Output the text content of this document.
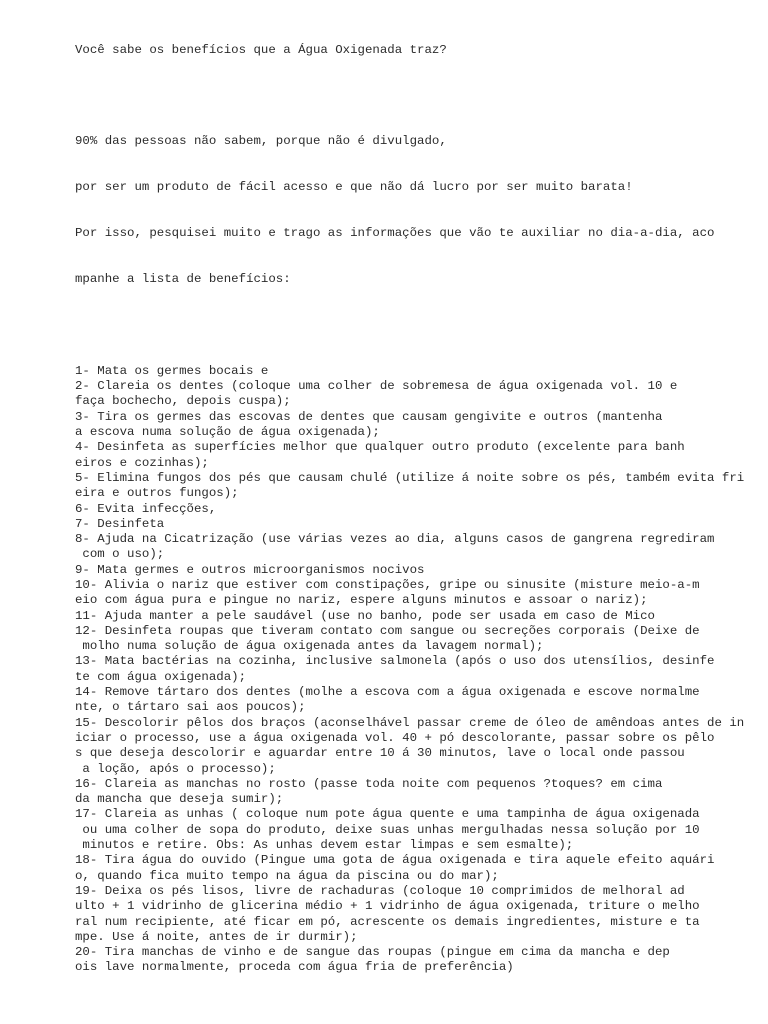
Você sabe os benefícios que a Água Oxigenada traz?

90% das pessoas não sabem, porque não é divulgado,

por ser um produto de fácil acesso e que não dá lucro por ser muito barata!

Por isso, pesquisei muito e trago as informações que vão te auxiliar no dia-a-dia, aco

mpanhe a lista de benefícios:

1- Mata os germes bocais e
2- Clareia os dentes (coloque uma colher de sobremesa de água oxigenada vol. 10 e
faça bochecho, depois cuspa);
3- Tira os germes das escovas de dentes que causam gengivite e outros (mantenha
a escova numa solução de água oxigenada);
4- Desinfeta as superfícies melhor que qualquer outro produto (excelente para banh
eiros e cozinhas);
5- Elimina fungos dos pés que causam chulé (utilize á noite sobre os pés, também evita fri
eira e outros fungos);
6- Evita infecções,
7- Desinfeta
8- Ajuda na Cicatrização (use várias vezes ao dia, alguns casos de gangrena regrediram
com o uso);
9- Mata germes e outros microorganismos nocivos
10- Alivia o nariz que estiver com constipações, gripe ou sinusite (misture meio-a-m
eio com água pura e pingue no nariz, espere alguns minutos e assoar o nariz);
11- Ajuda manter a pele saudável (use no banho, pode ser usada em caso de Mico
12- Desinfeta roupas que tiveram contato com sangue ou secreções corporais (Deixe de
molho numa solução de água oxigenada antes da lavagem normal);
13- Mata bactérias na cozinha, inclusive salmonela (após o uso dos utensílios, desinfe
te com água oxigenada);
14- Remove tártaro dos dentes (molhe a escova com a água oxigenada e escove normalme
nte, o tártaro sai aos poucos);
15- Descolorir pêlos dos braços (aconselhável passar creme de óleo de amêndoas antes de in
iciar o processo, use a água oxigenada vol. 40 + pó descolorante, passar sobre os pêlo
s que deseja descolorir e aguardar entre 10 á 30 minutos, lave o local onde passou
a loção, após o processo);
16- Clareia as manchas no rosto (passe toda noite com pequenos ?toques? em cima
da mancha que deseja sumir);
17- Clareia as unhas ( coloque num pote água quente e uma tampinha de água oxigenada
ou uma colher de sopa do produto, deixe suas unhas mergulhadas nessa solução por 10
minutos e retire. Obs: As unhas devem estar limpas e sem esmalte);
18- Tira água do ouvido (Pingue uma gota de água oxigenada e tira aquele efeito aquári
o, quando fica muito tempo na água da piscina ou do mar);
19- Deixa os pés lisos, livre de rachaduras (coloque 10 comprimidos de melhoral ad
ulto + 1 vidrinho de glicerina médio + 1 vidrinho de água oxigenada, triture o melho
ral num recipiente, até ficar em pó, acrescente os demais ingredientes, misture e ta
mpe. Use á noite, antes de ir durmir);
20- Tira manchas de vinho e de sangue das roupas (pingue em cima da mancha e dep
ois lave normalmente, proceda com água fria de preferência)
